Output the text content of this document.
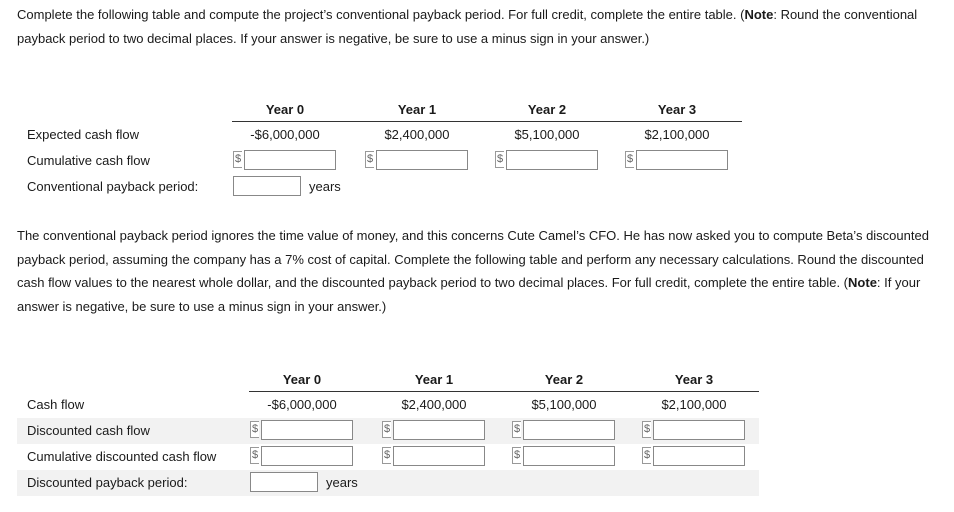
Complete the following table and compute the project’s conventional payback period. For full credit, complete the entire table. (Note: Round the conventional payback period to two decimal places. If your answer is negative, be sure to use a minus sign in your answer.)

Year 0	Year 1	Year 2	Year 3
Expected cash flow	-$6,000,000	$2,400,000	$5,100,000	$2,100,000
Cumulative cash flow	$	$	$	$
Conventional payback period:	years

The conventional payback period ignores the time value of money, and this concerns Cute Camel’s CFO. He has now asked you to compute Beta’s discounted payback period, assuming the company has a 7% cost of capital. Complete the following table and perform any necessary calculations. Round the discounted cash flow values to the nearest whole dollar, and the discounted payback period to two decimal places. For full credit, complete the entire table. (Note: If your answer is negative, be sure to use a minus sign in your answer.)

Year 0	Year 1	Year 2	Year 3
Cash flow	-$6,000,000	$2,400,000	$5,100,000	$2,100,000
Discounted cash flow	$	$	$	$
Cumulative discounted cash flow	$	$	$	$
Discounted payback period:	years
